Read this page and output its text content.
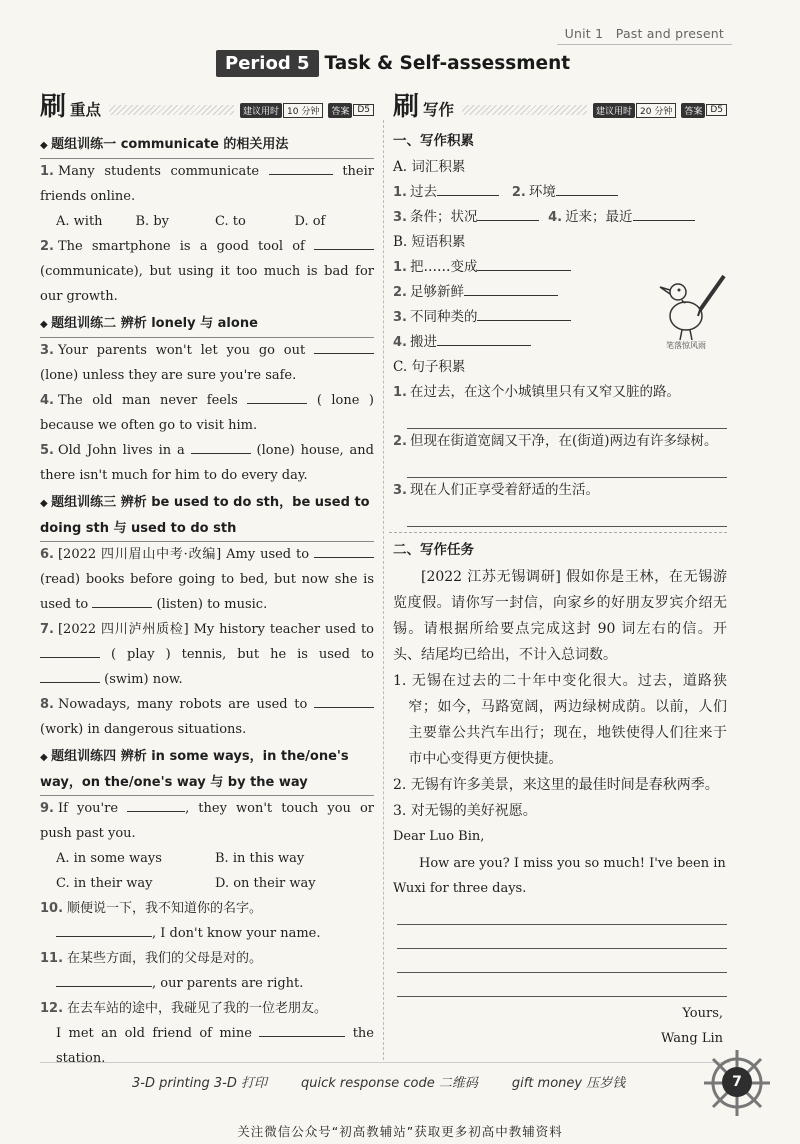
Unit 1 Past and present
Period 5 Task & Self-assessment
刷 重点	建议用时 10 分钟	答案 D5
◆ 题组训练一 communicate 的相关用法

1. Many students communicate	their friends online.

A. with	B. by	C. to	D. of

2. The smartphone is a good tool of  (communicate), but using it too much is bad for our growth.

◆ 题组训练二 辨析 lonely 与 alone

3. Your parents won't let you go out  (lone) unless they are sure you're safe.

4. The old man never feels	( lone ) because we often go to visit him.

5. Old John lives in a	(lone) house, and there isn't much for him to do every day.

◆ 题组训练三 辨析 be used to do sth，be used to doing sth 与 used to do sth

6. [2022 四川眉山中考·改编] Amy used to  (read) books before going to bed, but now she is used to	(listen) to music.

7. [2022 四川泸州质检] My history teacher used to  ( play ) tennis, but he is used to  (swim) now.

8. Nowadays, many robots are used to  (work) in dangerous situations.

◆ 题组训练四 辨析 in some ways，in the/one's way，on the/one's way 与 by the way

9. If you're	, they won't touch you or push past you.

A. in some ways	B. in this way
C. in their way	D. on their way

10. 顺便说一下，我不知道你的名字。

, I don't know your name.

11. 在某些方面，我们的父母是对的。

, our parents are right.

12. 在去车站的途中，我碰见了我的一位老朋友。

I met an old friend of mine	the station.

刷 写作	建议用时 20 分钟	答案 D5
一、写作积累
A. 词汇积累
1. 过去	2. 环境
3. 条件；状况	4. 近来；最近
B. 短语积累
1. 把……变成
2. 足够新鲜
3. 不同种类的
4. 搬进
C. 句子积累
1. 在过去，在这个小城镇里只有又窄又脏的路。
2. 但现在街道宽阔又干净，在(街道)两边有许多绿树。
3. 现在人们正享受着舒适的生活。
二、写作任务

[2022 江苏无锡调研] 假如你是王林，在无锡游览度假。请你写一封信，向家乡的好朋友罗宾介绍无锡。请根据所给要点完成这封 90 词左右的信。开头、结尾均已给出，不计入总词数。

1. 无锡在过去的二十年中变化很大。过去，道路狭窄；如今，马路宽阔，两边绿树成荫。以前，人们主要靠公共汽车出行；现在，地铁使得人们往来于市中心变得更方便快捷。

2. 无锡有许多美景，来这里的最佳时间是春秋两季。

3. 对无锡的美好祝愿。

Dear Luo Bin,

How are you? I miss you so much! I've been in Wuxi for three days.

Yours,

Wang Lin

笔落惊风雨
3-D printing 3-D 打印	quick response code 二维码	gift money 压岁钱	7
关注微信公众号“初高教辅站”获取更多初高中教辅资料
